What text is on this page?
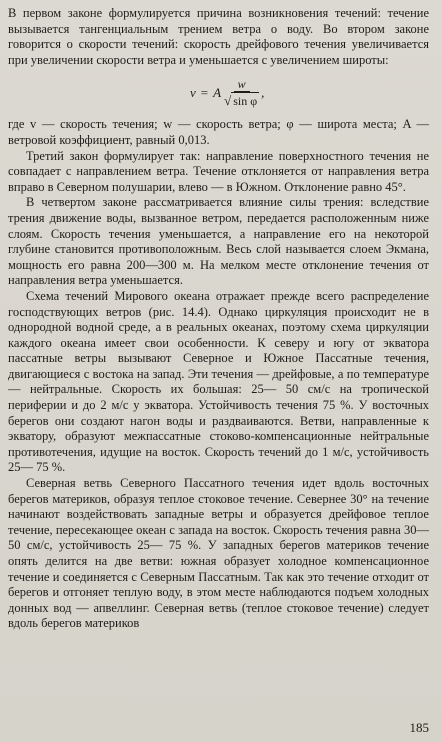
В первом законе формулируется причина возникновения течений: течение вызывается тангенциальным трением ветра о воду. Во втором законе говорится о скорости течений: скорость дрейфового течения увеличивается при увеличении скорости ветра и уменьшается с увеличением широты:

v = A $\frac{w}{\text{√ sin φ}}$ ,

где v — скорость течения; w — скорость ветра; φ — широта места; A — ветровой коэффициент, равный 0,013.

Третий закон формулирует так: направление поверхностного течения не совпадает с направлением ветра. Течение отклоняется от направления ветра вправо в Северном полушарии, влево — в Южном. Отклонение равно 45°.

В четвертом законе рассматривается влияние силы трения: вследствие трения движение воды, вызванное ветром, передается расположенным ниже слоям. Скорость течения уменьшается, а направление его на некоторой глубине становится противоположным. Весь слой называется слоем Экмана, мощность его равна 200—300 м. На мелком месте отклонение течения от направления ветра уменьшается.

Схема течений Мирового океана отражает прежде всего распределение господствующих ветров (рис. 14.4). Однако циркуляция происходит не в однородной водной среде, а в реальных океанах, поэтому схема циркуляции каждого океана имеет свои особенности. К северу и югу от экватора пассатные ветры вызывают Северное и Южное Пассатные течения, двигающиеся с востока на запад. Эти течения — дрейфовые, а по температуре — нейтральные. Скорость их большая: 25— 50 см/с на тропической периферии и до 2 м/с у экватора. Устойчивость течения 75 %. У восточных берегов они создают нагон воды и раздваиваются. Ветви, направленные к экватору, образуют межпассатные стоково-компенсационные нейтральные противотечения, идущие на восток. Скорость течений до 1 м/с, устойчивость 25— 75 %.

Северная ветвь Северного Пассатного течения идет вдоль восточных берегов материков, образуя теплое стоковое течение. Севернее 30° на течение начинают воздействовать западные ветры и образуется дрейфовое теплое течение, пересекающее океан с запада на восток. Скорость течения равна 30— 50 см/с, устойчивость 25— 75 %. У западных берегов материков течение опять делится на две ветви: южная образует холодное компенсационное течение и соединяется с Северным Пассатным. Так как это течение отходит от берегов и отгоняет теплую воду, в этом месте наблюдаются подъем холодных донных вод — апвеллинг. Северная ветвь (теплое стоковое течение) следует вдоль берегов материков

185
